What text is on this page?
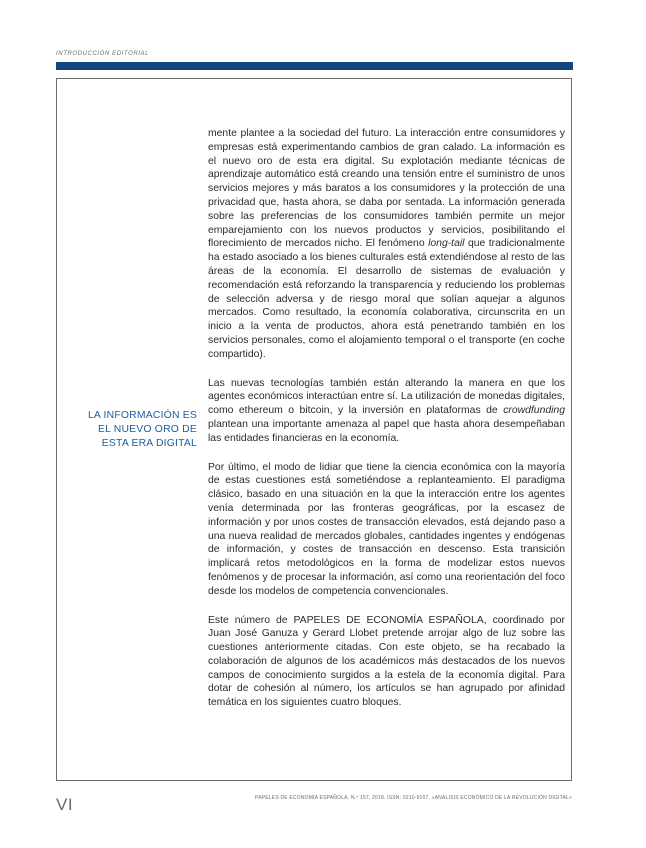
INTRODUCCIÓN EDITORIAL
LA INFORMACIÓN ES
EL NUEVO ORO DE
ESTA ERA DIGITAL

mente plantee a la sociedad del futuro. La interacción entre consumidores y empresas está experimentando cambios de gran calado. La información es el nuevo oro de esta era digital. Su explotación mediante técnicas de aprendizaje automático está creando una tensión entre el suministro de unos servicios mejores y más baratos a los consumidores y la protección de una privacidad que, hasta ahora, se daba por sentada. La información generada sobre las preferencias de los consumidores también permite un mejor emparejamiento con los nuevos productos y servicios, posibilitando el florecimiento de mercados nicho. El fenómeno long-tail que tradicionalmente ha estado asociado a los bienes culturales está extendiéndose al resto de las áreas de la economía. El desarrollo de sistemas de evaluación y recomendación está reforzando la transparencia y reduciendo los problemas de selección adversa y de riesgo moral que solían aquejar a algunos mercados. Como resultado, la economía colaborativa, circunscrita en un inicio a la venta de productos, ahora está penetrando también en los servicios personales, como el alojamiento temporal o el transporte (en coche compartido).

Las nuevas tecnologías también están alterando la manera en que los agentes económicos interactúan entre sí. La utilización de monedas digitales, como ethereum o bitcoin, y la inversión en plataformas de crowdfunding plantean una importante amenaza al papel que hasta ahora desempeñaban las entidades financieras en la economía.

Por último, el modo de lidiar que tiene la ciencia económica con la mayoría de estas cuestiones está sometiéndose a replanteamiento. El paradigma clásico, basado en una situación en la que la interacción entre los agentes venía determinada por las fronteras geográficas, por la escasez de información y por unos costes de transacción elevados, está dejando paso a una nueva realidad de mercados globales, cantidades ingentes y endógenas de información, y costes de transacción en descenso. Esta transición implicará retos metodológicos en la forma de modelizar estos nuevos fenómenos y de procesar la información, así como una reorientación del foco desde los modelos de competencia convencionales.

Este número de PAPELES DE ECONOMÍA ESPAÑOLA, coordinado por Juan José Ganuza y Gerard Llobet pretende arrojar algo de luz sobre las cuestiones anteriormente citadas. Con este objeto, se ha recabado la colaboración de algunos de los académicos más destacados de los nuevos campos de conocimiento surgidos a la estela de la economía digital. Para dotar de cohesión al número, los artículos se han agrupado por afinidad temática en los siguientes cuatro bloques.

VI	PAPELES DE ECONOMÍA ESPAÑOLA, N.º 157, 2018. ISSN: 0210-9107. «ANÁLISIS ECONÓMICO DE LA REVOLUCIÓN DIGITAL»
